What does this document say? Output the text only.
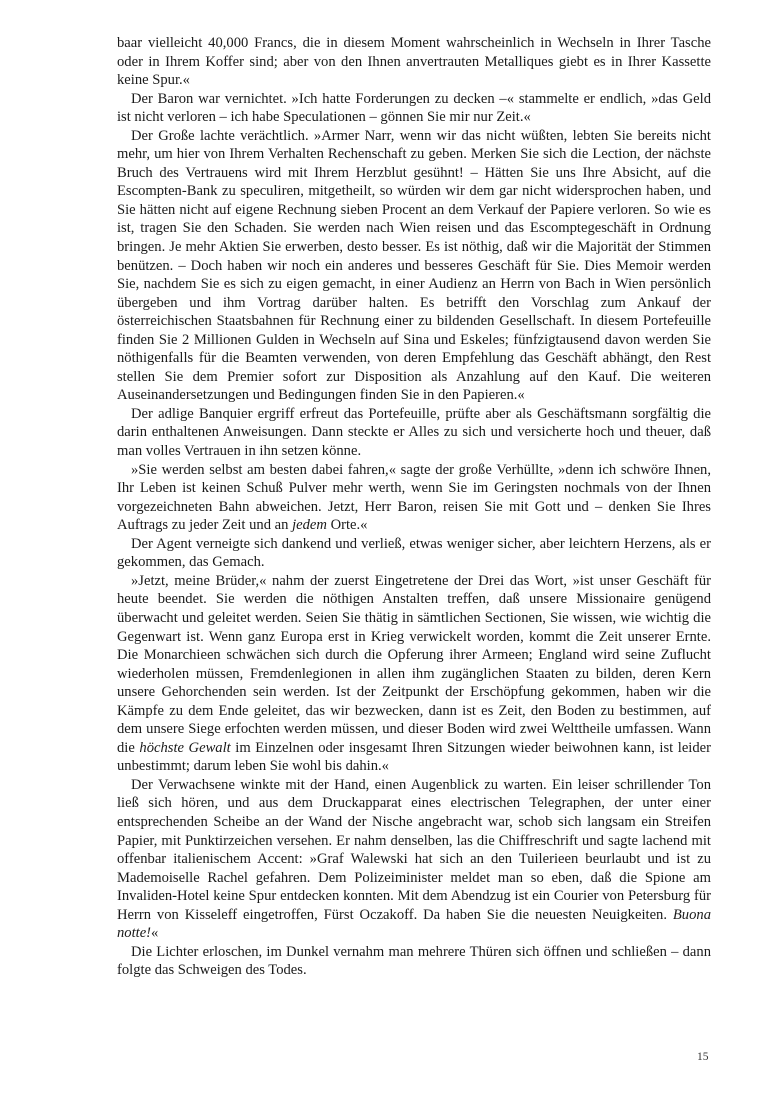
baar vielleicht 40,000 Francs, die in diesem Moment wahrscheinlich in Wechseln in Ihrer Tasche oder in Ihrem Koffer sind; aber von den Ihnen anvertrauten Metalliques giebt es in Ihrer Kassette keine Spur.«

Der Baron war vernichtet. »Ich hatte Forderungen zu decken –« stammelte er endlich, »das Geld ist nicht verloren – ich habe Speculationen – gönnen Sie mir nur Zeit.«

Der Große lachte verächtlich. »Armer Narr, wenn wir das nicht wüßten, lebten Sie bereits nicht mehr, um hier von Ihrem Verhalten Rechenschaft zu geben. Merken Sie sich die Lection, der nächste Bruch des Vertrauens wird mit Ihrem Herzblut gesühnt! – Hätten Sie uns Ihre Absicht, auf die Escompten-Bank zu speculiren, mitgetheilt, so würden wir dem gar nicht widersprochen haben, und Sie hätten nicht auf eigene Rechnung sieben Procent an dem Verkauf der Papiere verloren. So wie es ist, tragen Sie den Schaden. Sie werden nach Wien reisen und das Escomptegeschäft in Ordnung bringen. Je mehr Aktien Sie erwerben, desto besser. Es ist nöthig, daß wir die Majorität der Stimmen benützen. – Doch haben wir noch ein anderes und besseres Geschäft für Sie. Dies Memoir werden Sie, nachdem Sie es sich zu eigen gemacht, in einer Audienz an Herrn von Bach in Wien persönlich übergeben und ihm Vortrag darüber halten. Es betrifft den Vorschlag zum Ankauf der österreichischen Staatsbahnen für Rechnung einer zu bildenden Gesellschaft. In diesem Portefeuille finden Sie 2 Millionen Gulden in Wechseln auf Sina und Eskeles; fünfzigtausend davon werden Sie nöthigenfalls für die Beamten verwenden, von deren Empfehlung das Geschäft abhängt, den Rest stellen Sie dem Premier sofort zur Disposition als Anzahlung auf den Kauf. Die weiteren Auseinandersetzungen und Bedingungen finden Sie in den Papieren.«

Der adlige Banquier ergriff erfreut das Portefeuille, prüfte aber als Geschäftsmann sorgfältig die darin enthaltenen Anweisungen. Dann steckte er Alles zu sich und versicherte hoch und theuer, daß man volles Vertrauen in ihn setzen könne.

»Sie werden selbst am besten dabei fahren,« sagte der große Verhüllte, »denn ich schwöre Ihnen, Ihr Leben ist keinen Schuß Pulver mehr werth, wenn Sie im Geringsten nochmals von der Ihnen vorgezeichneten Bahn abweichen. Jetzt, Herr Baron, reisen Sie mit Gott und – denken Sie Ihres Auftrags zu jeder Zeit und an jedem Orte.«

Der Agent verneigte sich dankend und verließ, etwas weniger sicher, aber leichtern Herzens, als er gekommen, das Gemach.

»Jetzt, meine Brüder,« nahm der zuerst Eingetretene der Drei das Wort, »ist unser Geschäft für heute beendet. Sie werden die nöthigen Anstalten treffen, daß unsere Missionaire genügend überwacht und geleitet werden. Seien Sie thätig in sämtlichen Sectionen, Sie wissen, wie wichtig die Gegenwart ist. Wenn ganz Europa erst in Krieg verwickelt worden, kommt die Zeit unserer Ernte. Die Monarchieen schwächen sich durch die Opferung ihrer Armeen; England wird seine Zuflucht wiederholen müssen, Fremdenlegionen in allen ihm zugänglichen Staaten zu bilden, deren Kern unsere Gehorchenden sein werden. Ist der Zeitpunkt der Erschöpfung gekommen, haben wir die Kämpfe zu dem Ende geleitet, das wir bezwecken, dann ist es Zeit, den Boden zu bestimmen, auf dem unsere Siege erfochten werden müssen, und dieser Boden wird zwei Welttheile umfassen. Wann die höchste Gewalt im Einzelnen oder insgesamt Ihren Sitzungen wieder beiwohnen kann, ist leider unbestimmt; darum leben Sie wohl bis dahin.«

Der Verwachsene winkte mit der Hand, einen Augenblick zu warten. Ein leiser schrillender Ton ließ sich hören, und aus dem Druckapparat eines electrischen Telegraphen, der unter einer entsprechenden Scheibe an der Wand der Nische angebracht war, schob sich langsam ein Streifen Papier, mit Punktirzeichen versehen. Er nahm denselben, las die Chiffreschrift und sagte lachend mit offenbar italienischem Accent: »Graf Walewski hat sich an den Tuilerieen beurlaubt und ist zu Mademoiselle Rachel gefahren. Dem Polizeiminister meldet man so eben, daß die Spione am Invaliden-Hotel keine Spur entdecken konnten. Mit dem Abendzug ist ein Courier von Petersburg für Herrn von Kisseleff eingetroffen, Fürst Oczakoff. Da haben Sie die neuesten Neuigkeiten. Buona notte!«

Die Lichter erloschen, im Dunkel vernahm man mehrere Thüren sich öffnen und schließen – dann folgte das Schweigen des Todes.

15
